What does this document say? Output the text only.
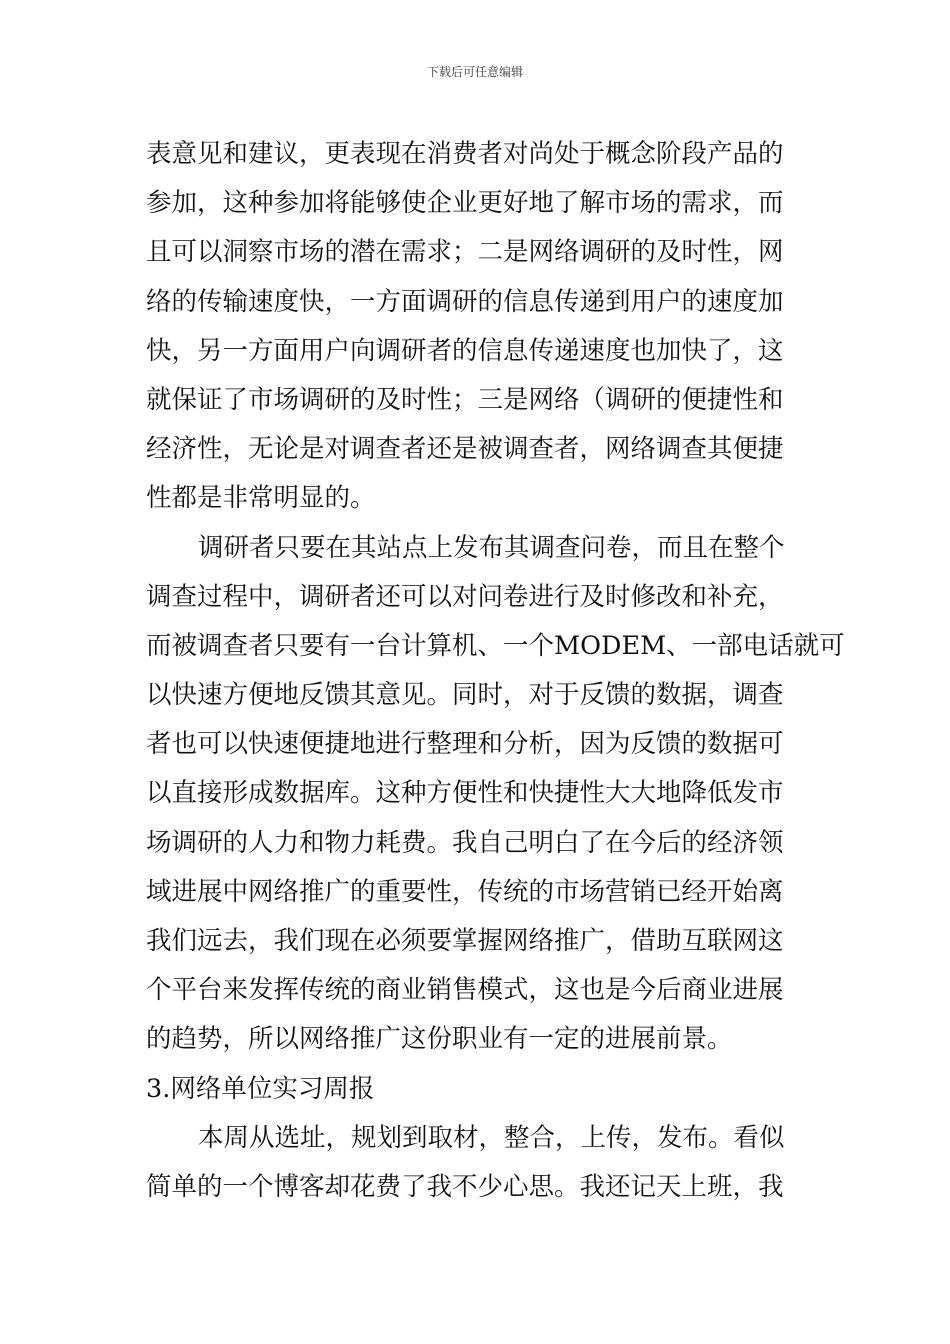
下载后可任意编辑
表意见和建议，更表现在消费者对尚处于概念阶段产品的
参加，这种参加将能够使企业更好地了解市场的需求，而
且可以洞察市场的潜在需求；二是网络调研的及时性，网
络的传输速度快，一方面调研的信息传递到用户的速度加
快，另一方面用户向调研者的信息传递速度也加快了，这
就保证了市场调研的及时性；三是网络（调研的便捷性和
经济性，无论是对调查者还是被调查者，网络调查其便捷
性都是非常明显的。
调研者只要在其站点上发布其调查问卷，而且在整个
调查过程中，调研者还可以对问卷进行及时修改和补充，
而被调查者只要有一台计算机、一个MODEM、一部电话就可
以快速方便地反馈其意见。同时，对于反馈的数据，调查
者也可以快速便捷地进行整理和分析，因为反馈的数据可
以直接形成数据库。这种方便性和快捷性大大地降低发市
场调研的人力和物力耗费。我自己明白了在今后的经济领
域进展中网络推广的重要性，传统的市场营销已经开始离
我们远去，我们现在必须要掌握网络推广，借助互联网这
个平台来发挥传统的商业销售模式，这也是今后商业进展
的趋势，所以网络推广这份职业有一定的进展前景。
3.网络单位实习周报
本周从选址，规划到取材，整合，上传，发布。看似
简单的一个博客却花费了我不少心思。我还记天上班，我
